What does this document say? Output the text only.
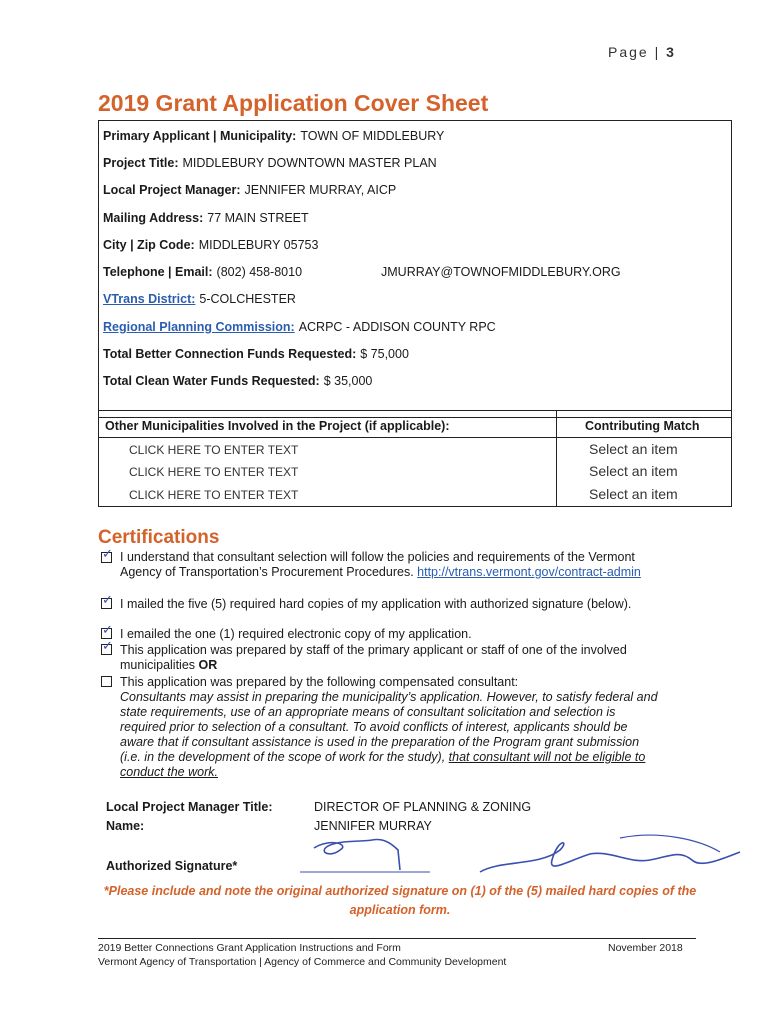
Page | 3
2019 Grant Application Cover Sheet
Primary Applicant | Municipality: TOWN OF MIDDLEBURY
Project Title: MIDDLEBURY DOWNTOWN MASTER PLAN
Local Project Manager: JENNIFER MURRAY, AICP
Mailing Address: 77 MAIN STREET
City | Zip Code: MIDDLEBURY 05753
Telephone | Email: (802) 458-8010	JMURRAY@TOWNOFMIDDLEBURY.ORG
VTrans District: 5-COLCHESTER
Regional Planning Commission: ACRPC - ADDISON COUNTY RPC
Total Better Connection Funds Requested: $ 75,000
Total Clean Water Funds Requested: $ 35,000
Other Municipalities Involved in the Project (if applicable):	Contributing Match
CLICK HERE TO ENTER TEXT	Select an item
CLICK HERE TO ENTER TEXT	Select an item
CLICK HERE TO ENTER TEXT	Select an item
Certifications
✓ I understand that consultant selection will follow the policies and requirements of the Vermont Agency of Transportation’s Procurement Procedures. http://vtrans.vermont.gov/contract-admin
✓ I mailed the five (5) required hard copies of my application with authorized signature (below).
✓ I emailed the one (1) required electronic copy of my application.
✓ This application was prepared by staff of the primary applicant or staff of one of the involved municipalities OR
This application was prepared by the following compensated consultant:
Consultants may assist in preparing the municipality’s application. However, to satisfy federal and state requirements, use of an appropriate means of consultant solicitation and selection is required prior to selection of a consultant. To avoid conflicts of interest, applicants should be aware that if consultant assistance is used in the preparation of the Program grant submission (i.e. in the development of the scope of work for the study), that consultant will not be eligible to conduct the work.
Local Project Manager Title:	DIRECTOR OF PLANNING & ZONING
Name:	JENNIFER MURRAY
Authorized Signature*
*Please include and note the original authorized signature on (1) of the (5) mailed hard copies of the application form.
2019 Better Connections Grant Application Instructions and Form
Vermont Agency of Transportation | Agency of Commerce and Community Development
November 2018
